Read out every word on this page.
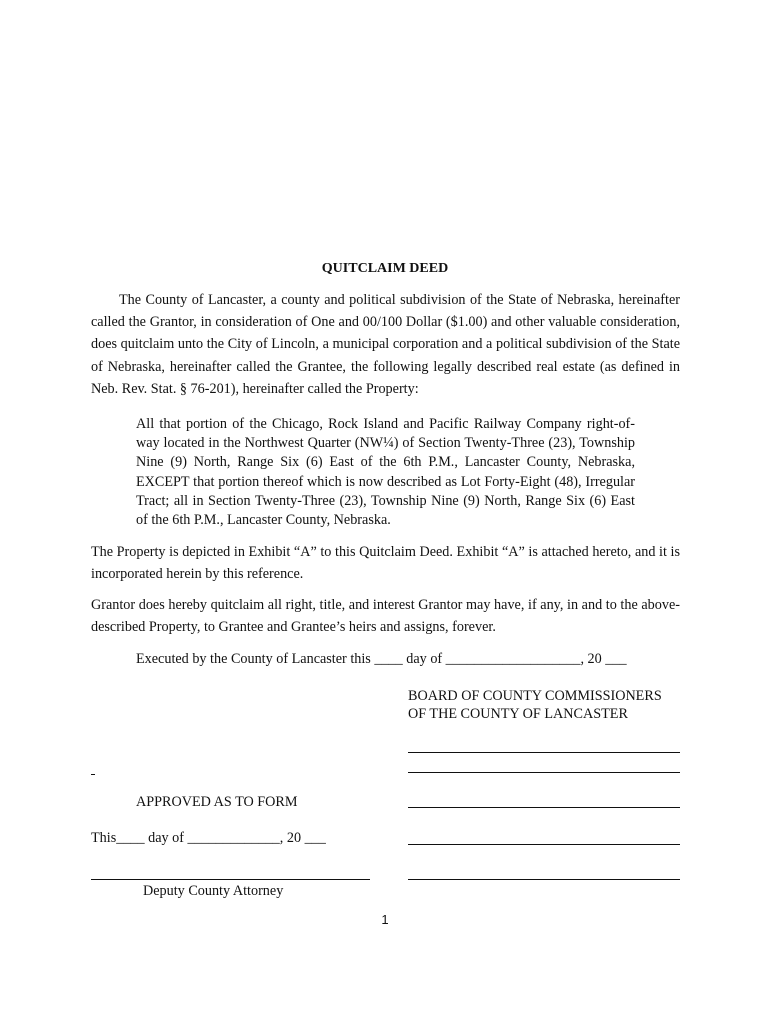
QUITCLAIM DEED

The County of Lancaster, a county and political subdivision of the State of Nebraska, hereinafter called the Grantor, in consideration of One and 00/100 Dollar ($1.00) and other valuable consideration, does quitclaim unto the City of Lincoln, a municipal corporation and a political subdivision of the State of Nebraska, hereinafter called the Grantee, the following legally described real estate (as defined in Neb. Rev. Stat. § 76-201), hereinafter called the Property:

All that portion of the Chicago, Rock Island and Pacific Railway Company right-of-way located in the Northwest Quarter (NW¼) of Section Twenty-Three (23), Township Nine (9) North, Range Six (6) East of the 6th P.M., Lancaster County, Nebraska, EXCEPT that portion thereof which is now described as Lot Forty-Eight (48), Irregular Tract; all in Section Twenty-Three (23), Township Nine (9) North, Range Six (6) East of the 6th P.M., Lancaster County, Nebraska.

The Property is depicted in Exhibit “A” to this Quitclaim Deed. Exhibit “A” is attached hereto, and it is incorporated herein by this reference.

Grantor does hereby quitclaim all right, title, and interest Grantor may have, if any, in and to the above-described Property, to Grantee and Grantee’s heirs and assigns, forever.

Executed by the County of Lancaster this ____ day of ___________________, 20 ___
BOARD OF COUNTY COMMISSIONERS
OF THE COUNTY OF LANCASTER
APPROVED AS TO FORM
This____ day of _____________, 20 ___
Deputy County Attorney
1
